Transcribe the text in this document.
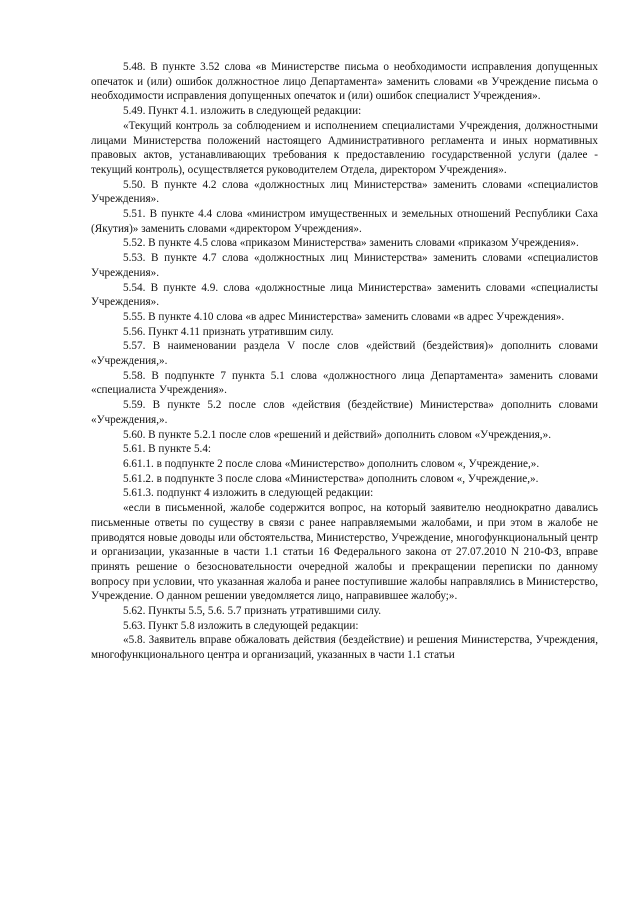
5.48. В пункте 3.52 слова «в Министерстве письма о необходимости исправления допущенных опечаток и (или) ошибок должностное лицо Департамента» заменить словами «в Учреждение письма о необходимости исправления допущенных опечаток и (или) ошибок специалист Учреждения».

5.49. Пункт 4.1. изложить в следующей редакции:

«Текущий контроль за соблюдением и исполнением специалистами Учреждения, должностными лицами Министерства положений настоящего Административного регламента и иных нормативных правовых актов, устанавливающих требования к предоставлению государственной услуги (далее - текущий контроль), осуществляется руководителем Отдела, директором Учреждения».

5.50. В пункте 4.2 слова «должностных лиц Министерства» заменить словами «специалистов Учреждения».

5.51. В пункте 4.4 слова «министром имущественных и земельных отношений Республики Саха (Якутия)» заменить словами «директором Учреждения».

5.52. В пункте 4.5 слова «приказом Министерства» заменить словами «приказом Учреждения».

5.53. В пункте 4.7 слова «должностных лиц Министерства» заменить словами «специалистов Учреждения».

5.54. В пункте 4.9. слова «должностные лица Министерства» заменить словами «специалисты Учреждения».

5.55. В пункте 4.10 слова «в адрес Министерства» заменить словами «в адрес Учреждения».

5.56. Пункт 4.11 признать утратившим силу.

5.57. В наименовании раздела V после слов «действий (бездействия)» дополнить словами «Учреждения,».

5.58. В подпункте 7 пункта 5.1 слова «должностного лица Департамента» заменить словами «специалиста Учреждения».

5.59. В пункте 5.2 после слов «действия (бездействие) Министерства» дополнить словами «Учреждения,».

5.60. В пункте 5.2.1 после слов «решений и действий» дополнить словом «Учреждения,».

5.61. В пункте 5.4:

6.61.1. в подпункте 2 после слова «Министерство» дополнить словом «, Учреждение,».

5.61.2. в подпункте 3 после слова «Министерства» дополнить словом «, Учреждение,».

5.61.3. подпункт 4 изложить в следующей редакции:

«если в письменной, жалобе содержится вопрос, на который заявителю неоднократно давались письменные ответы по существу в связи с ранее направляемыми жалобами, и при этом в жалобе не приводятся новые доводы или обстоятельства, Министерство, Учреждение, многофункциональный центр и организации, указанные в части 1.1 статьи 16 Федерального закона от 27.07.2010 N 210-ФЗ, вправе принять решение о безосновательности очередной жалобы и прекращении переписки по данному вопросу при условии, что указанная жалоба и ранее поступившие жалобы направлялись в Министерство, Учреждение. О данном решении уведомляется лицо, направившее жалобу;».

5.62. Пункты 5.5, 5.6. 5.7 признать утратившими силу.

5.63. Пункт 5.8 изложить в следующей редакции:

«5.8. Заявитель вправе обжаловать действия (бездействие) и решения Министерства, Учреждения, многофункционального центра и организаций, указанных в части 1.1 статьи
